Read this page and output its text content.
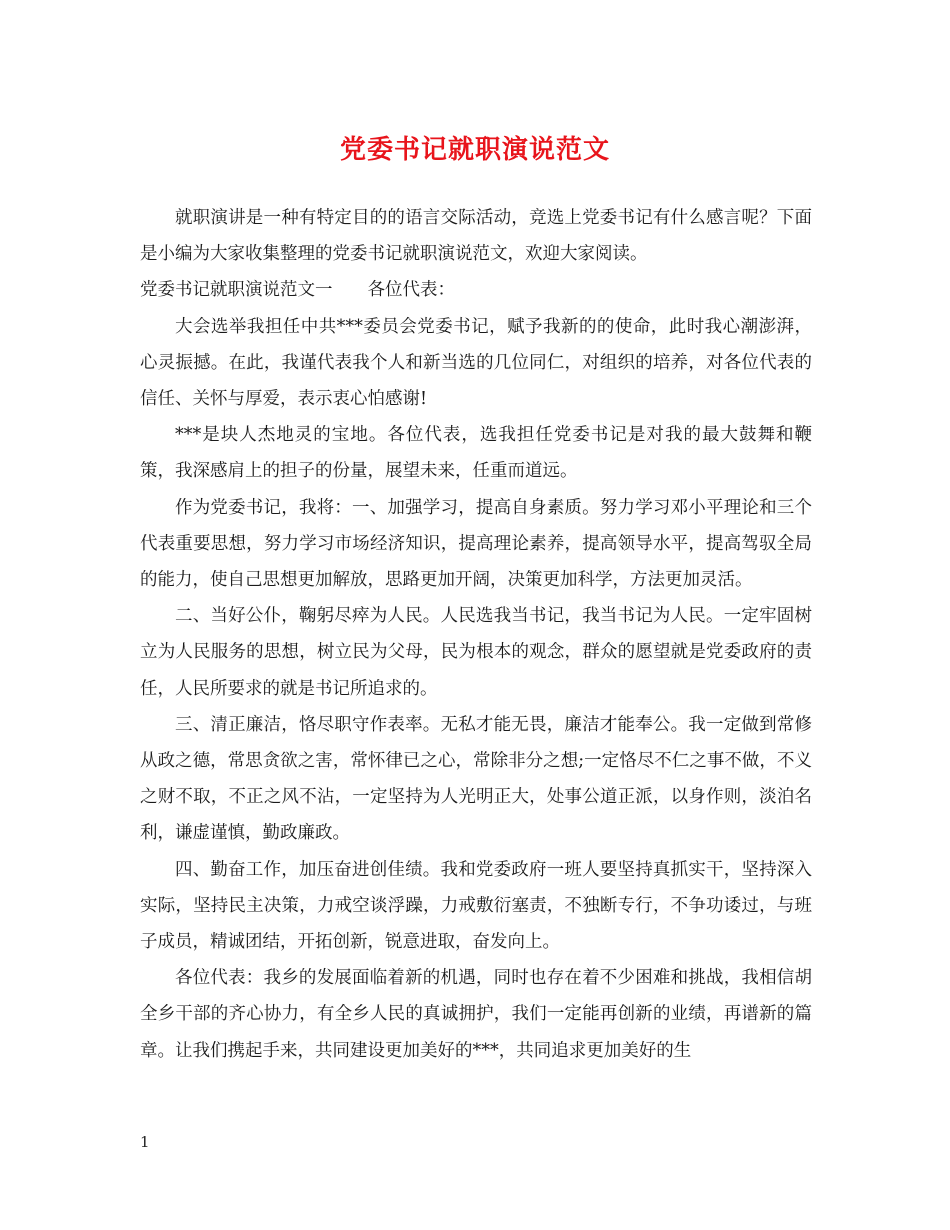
党委书记就职演说范文

就职演讲是一种有特定目的的语言交际活动，竞选上党委书记有什么感言呢？下面是小编为大家收集整理的党委书记就职演说范文，欢迎大家阅读。

党委书记就职演说范文一　　各位代表：

大会选举我担任中共***委员会党委书记，赋予我新的的使命，此时我心潮澎湃，心灵振撼。在此，我谨代表我个人和新当选的几位同仁，对组织的培养，对各位代表的信任、关怀与厚爱，表示衷心怕感谢!

***是块人杰地灵的宝地。各位代表，选我担任党委书记是对我的最大鼓舞和鞭策，我深感肩上的担子的份量，展望未来，任重而道远。

作为党委书记，我将：一、加强学习，提高自身素质。努力学习邓小平理论和三个代表重要思想，努力学习市场经济知识，提高理论素养，提高领导水平，提高驾驭全局的能力，使自己思想更加解放，思路更加开阔，决策更加科学，方法更加灵活。

二、当好公仆，鞠躬尽瘁为人民。人民选我当书记，我当书记为人民。一定牢固树立为人民服务的思想，树立民为父母，民为根本的观念，群众的愿望就是党委政府的责任，人民所要求的就是书记所追求的。

三、清正廉洁，恪尽职守作表率。无私才能无畏，廉洁才能奉公。我一定做到常修从政之德，常思贪欲之害，常怀律已之心，常除非分之想;一定恪尽不仁之事不做，不义之财不取，不正之风不沾，一定坚持为人光明正大，处事公道正派，以身作则，淡泊名利，谦虚谨慎，勤政廉政。

四、勤奋工作，加压奋进创佳绩。我和党委政府一班人要坚持真抓实干，坚持深入实际，坚持民主决策，力戒空谈浮躁，力戒敷衍塞责，不独断专行，不争功诿过，与班子成员，精诚团结，开拓创新，锐意进取，奋发向上。

各位代表：我乡的发展面临着新的机遇，同时也存在着不少困难和挑战，我相信胡全乡干部的齐心协力，有全乡人民的真诚拥护，我们一定能再创新的业绩，再谱新的篇章。让我们携起手来，共同建设更加美好的***，共同追求更加美好的生

1
